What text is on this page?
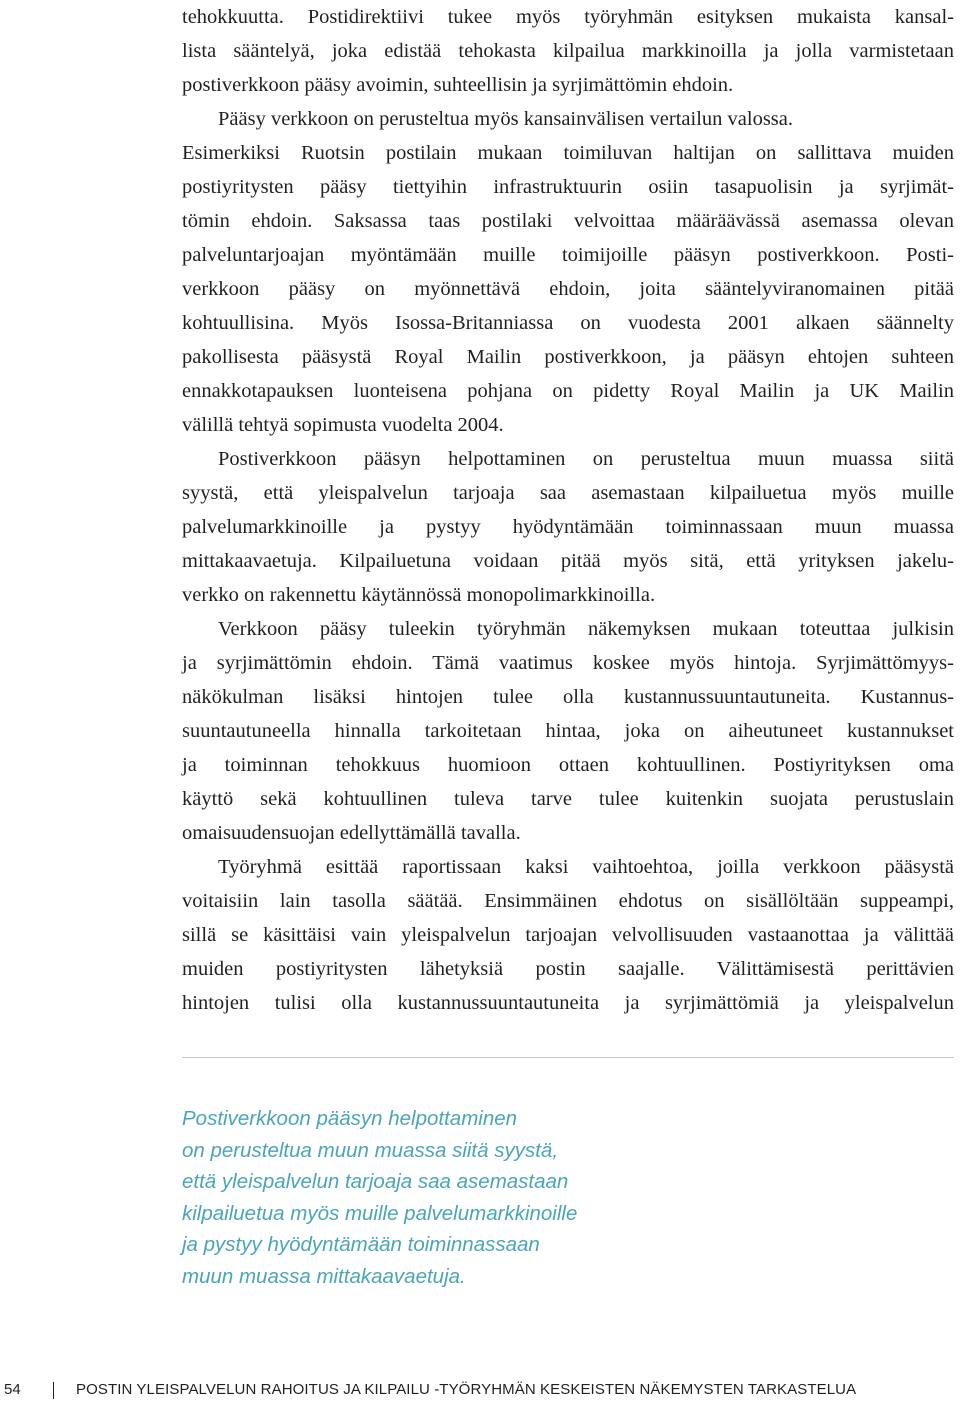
tehokkuutta. Postidirektiivi tukee myös työryhmän esityksen mukaista kansal-
lista sääntelyä, joka edistää tehokasta kilpailua markkinoilla ja jolla varmistetaan
postiverkkoon pääsy avoimin, suhteellisin ja syrjimättömin ehdoin.
Pääsy verkkoon on perusteltua myös kansainvälisen vertailun valossa.
Esimerkiksi Ruotsin postilain mukaan toimiluvan haltijan on sallittava muiden
postiyritysten pääsy tiettyihin infrastruktuurin osiin tasapuolisin ja syrjimät-
tömin ehdoin. Saksassa taas postilaki velvoittaa määräävässä asemassa olevan
palveluntarjoajan myöntämään muille toimijoille pääsyn postiverkkoon. Posti-
verkkoon pääsy on myönnettävä ehdoin, joita sääntelyviranomainen pitää
kohtuullisina. Myös Isossa-Britanniassa on vuodesta 2001 alkaen säännelty
pakollisesta pääsystä Royal Mailin postiverkkoon, ja pääsyn ehtojen suhteen
ennakkotapauksen luonteisena pohjana on pidetty Royal Mailin ja UK Mailin
välillä tehtyä sopimusta vuodelta 2004.
Postiverkkoon pääsyn helpottaminen on perusteltua muun muassa siitä
syystä, että yleispalvelun tarjoaja saa asemastaan kilpailuetua myös muille
palvelumarkkinoille ja pystyy hyödyntämään toiminnassaan muun muassa
mittakaavaetuja. Kilpailuetuna voidaan pitää myös sitä, että yrityksen jakelu-
verkko on rakennettu käytännössä monopolimarkkinoilla.
Verkkoon pääsy tuleekin työryhmän näkemyksen mukaan toteuttaa julkisin
ja syrjimättömin ehdoin. Tämä vaatimus koskee myös hintoja. Syrjimättömyys-
näkökulman lisäksi hintojen tulee olla kustannussuuntautuneita. Kustannus-
suuntautuneella hinnalla tarkoitetaan hintaa, joka on aiheutuneet kustannukset
ja toiminnan tehokkuus huomioon ottaen kohtuullinen. Postiyrityksen oma
käyttö sekä kohtuullinen tuleva tarve tulee kuitenkin suojata perustuslain
omaisuudensuojan edellyttämällä tavalla.
Työryhmä esittää raportissaan kaksi vaihtoehtoa, joilla verkkoon pääsystä
voitaisiin lain tasolla säätää. Ensimmäinen ehdotus on sisällöltään suppeampi,
sillä se käsittäisi vain yleispalvelun tarjoajan velvollisuuden vastaanottaa ja välittää
muiden postiyritysten lähetyksiä postin saajalle. Välittämisestä perittävien
hintojen tulisi olla kustannussuuntautuneita ja syrjimättömiä ja yleispalvelun
Postiverkkoon pääsyn helpottaminen
on perusteltua muun muassa siitä syystä,
että yleispalvelun tarjoaja saa asemastaan
kilpailuetua myös muille palvelumarkkinoille
ja pystyy hyödyntämään toiminnassaan
muun muassa mittakaavaetuja.
54	POSTIN YLEISPALVELUN RAHOITUS JA KILPAILU -TYÖRYHMÄN KESKEISTEN NÄKEMYSTEN TARKASTELUA
